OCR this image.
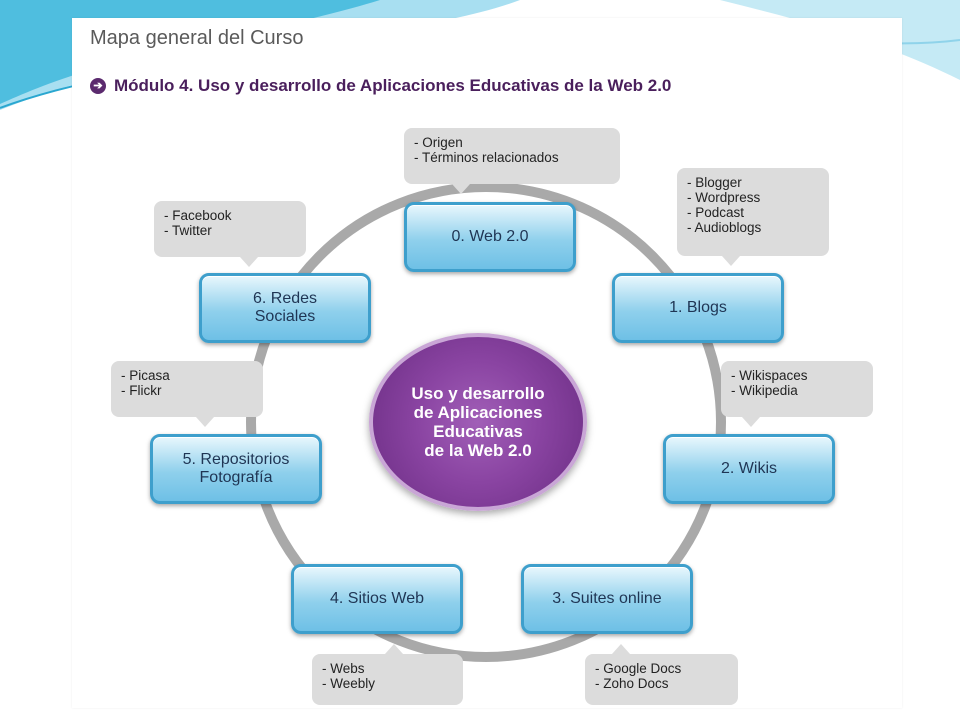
Mapa general del Curso
➔ Módulo 4. Uso y desarrollo de Aplicaciones Educativas de la Web 2.0
Uso y desarrollo
de Aplicaciones
Educativas
de la Web 2.0
- Origen
- Términos relacionados
0. Web 2.0
- Blogger
- Wordpress
- Podcast
- Audioblogs
1. Blogs
- Wikispaces
- Wikipedia
2. Wikis
3. Suites online
- Google Docs
- Zoho Docs
4. Sitios Web
- Webs
- Weebly
- Picasa
- Flickr
5. Repositorios
Fotografía
- Facebook
- Twitter
6. Redes
Sociales
